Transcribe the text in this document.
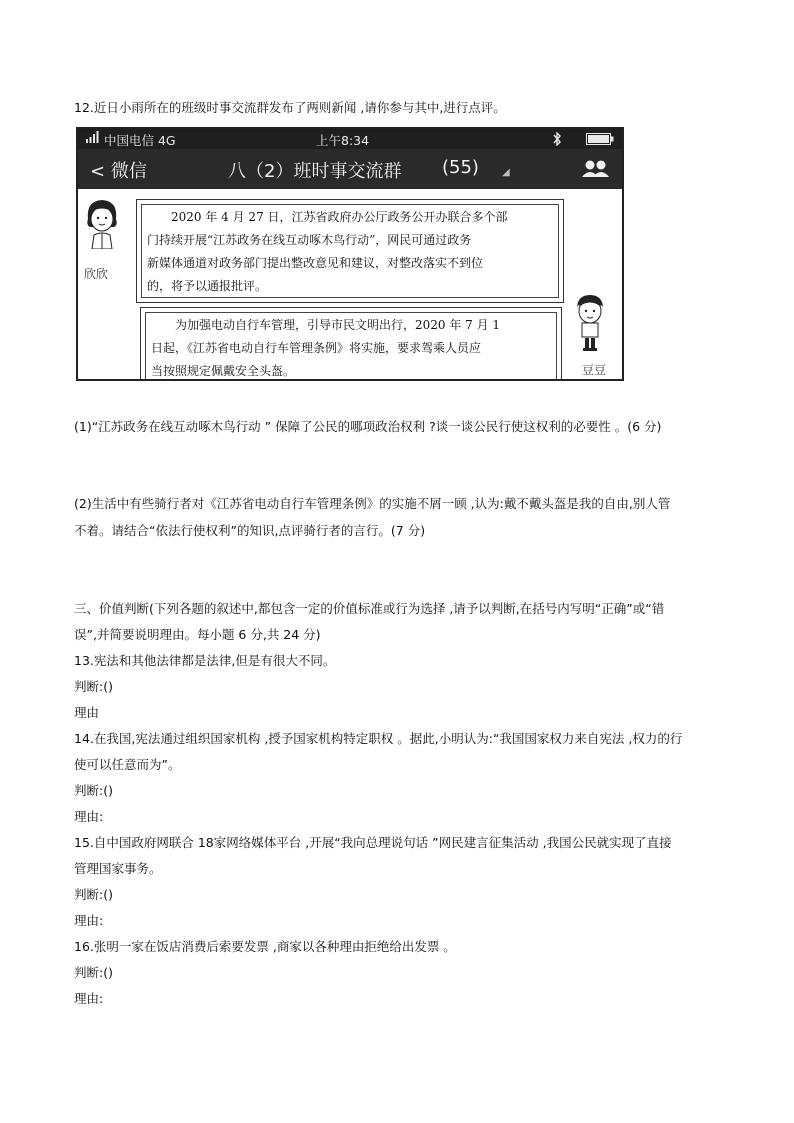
12.近日小雨所在的班级时事交流群发布了两则新闻 ,请你参与其中,进行点评。
中国电信 4G	上午8:34
< 微信	八（2）班时事交流群 (55) ◢
欣欣
2020 年 4 月 27 日，江苏省政府办公厅政务公开办联合多个部
门持续开展“江苏政务在线互动啄木鸟行动”，网民可通过政务
新媒体通道对政务部门提出整改意见和建议，对整改落实不到位
的，将予以通报批评。
豆豆
为加强电动自行车管理，引导市民文明出行，2020 年 7 月 1
日起，《江苏省电动自行车管理条例》将实施，要求驾乘人员应
当按照规定佩戴安全头盔。
(1)“江苏政务在线互动啄木鸟行动 ” 保障了公民的哪项政治权利 ?谈一谈公民行使这权利的必要性 。(6 分)
(2)生活中有些骑行者对《江苏省电动自行车管理条例》的实施不屑一顾 ,认为:戴不戴头盔是我的自由,别人管
不着。请结合“依法行使权利”的知识,点评骑行者的言行。(7 分)
三、价值判断(下列各题的叙述中,都包含一定的价值标准或行为选择 ,请予以判断,在括号内写明“正确”或“错
误”,并简要说明理由。每小题 6 分,共 24 分)
13.宪法和其他法律都是法律,但是有很大不同。
判断:()
理由
14.在我国,宪法通过组织国家机构 ,授予国家机构特定职权 。据此,小明认为:“我国国家权力来自宪法 ,权力的行
使可以任意而为”。
判断:()
理由:
15.自中国政府网联合 18家网络媒体平台 ,开展“我向总理说句话 ”网民建言征集活动 ,我国公民就实现了直接
管理国家事务。
判断:()
理由:
16.张明一家在饭店消费后索要发票 ,商家以各种理由拒绝给出发票 。
判断:()
理由:
